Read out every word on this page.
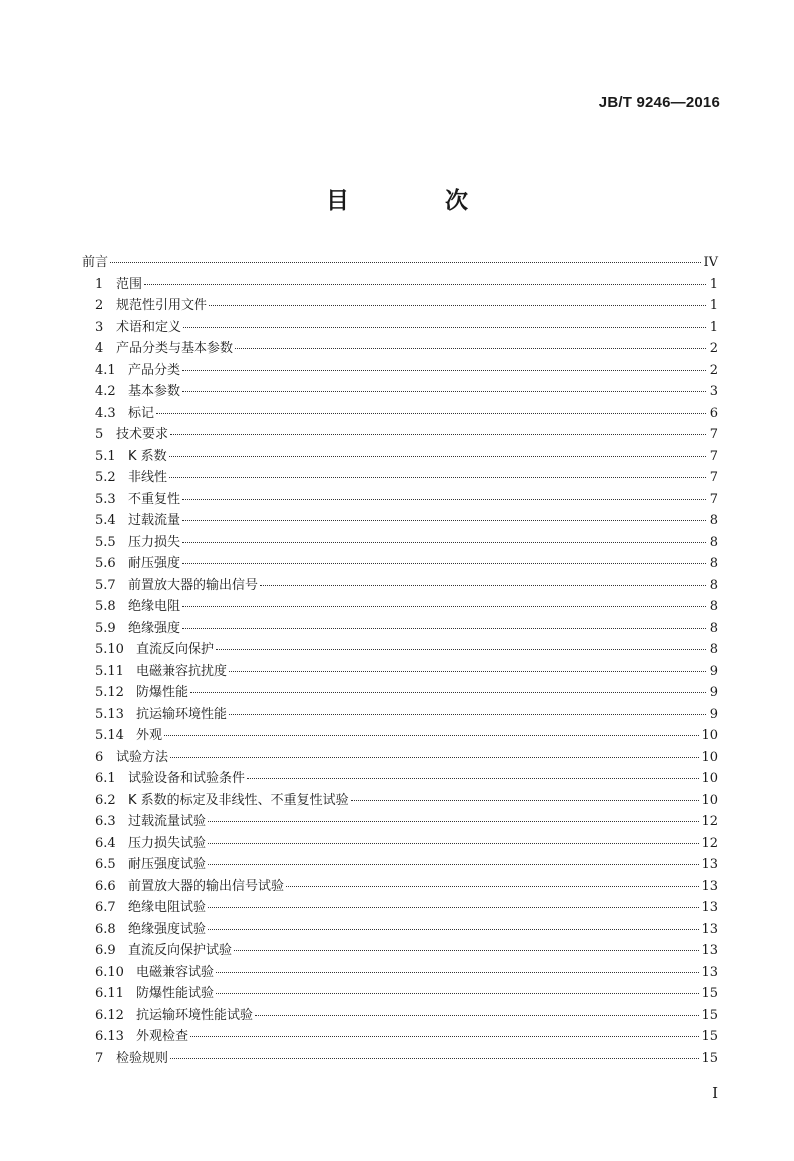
JB/T 9246—2016
目 次
前言	IV
1 范围	1
2 规范性引用文件	1
3 术语和定义	1
4 产品分类与基本参数	2
4.1 产品分类	2
4.2 基本参数	3
4.3 标记	6
5 技术要求	7
5.1 K 系数	7
5.2 非线性	7
5.3 不重复性	7
5.4 过载流量	8
5.5 压力损失	8
5.6 耐压强度	8
5.7 前置放大器的输出信号	8
5.8 绝缘电阻	8
5.9 绝缘强度	8
5.10 直流反向保护	8
5.11 电磁兼容抗扰度	9
5.12 防爆性能	9
5.13 抗运输环境性能	9
5.14 外观	10
6 试验方法	10
6.1 试验设备和试验条件	10
6.2 K 系数的标定及非线性、不重复性试验	10
6.3 过载流量试验	12
6.4 压力损失试验	12
6.5 耐压强度试验	13
6.6 前置放大器的输出信号试验	13
6.7 绝缘电阻试验	13
6.8 绝缘强度试验	13
6.9 直流反向保护试验	13
6.10 电磁兼容试验	13
6.11 防爆性能试验	15
6.12 抗运输环境性能试验	15
6.13 外观检查	15
7 检验规则	15
I
